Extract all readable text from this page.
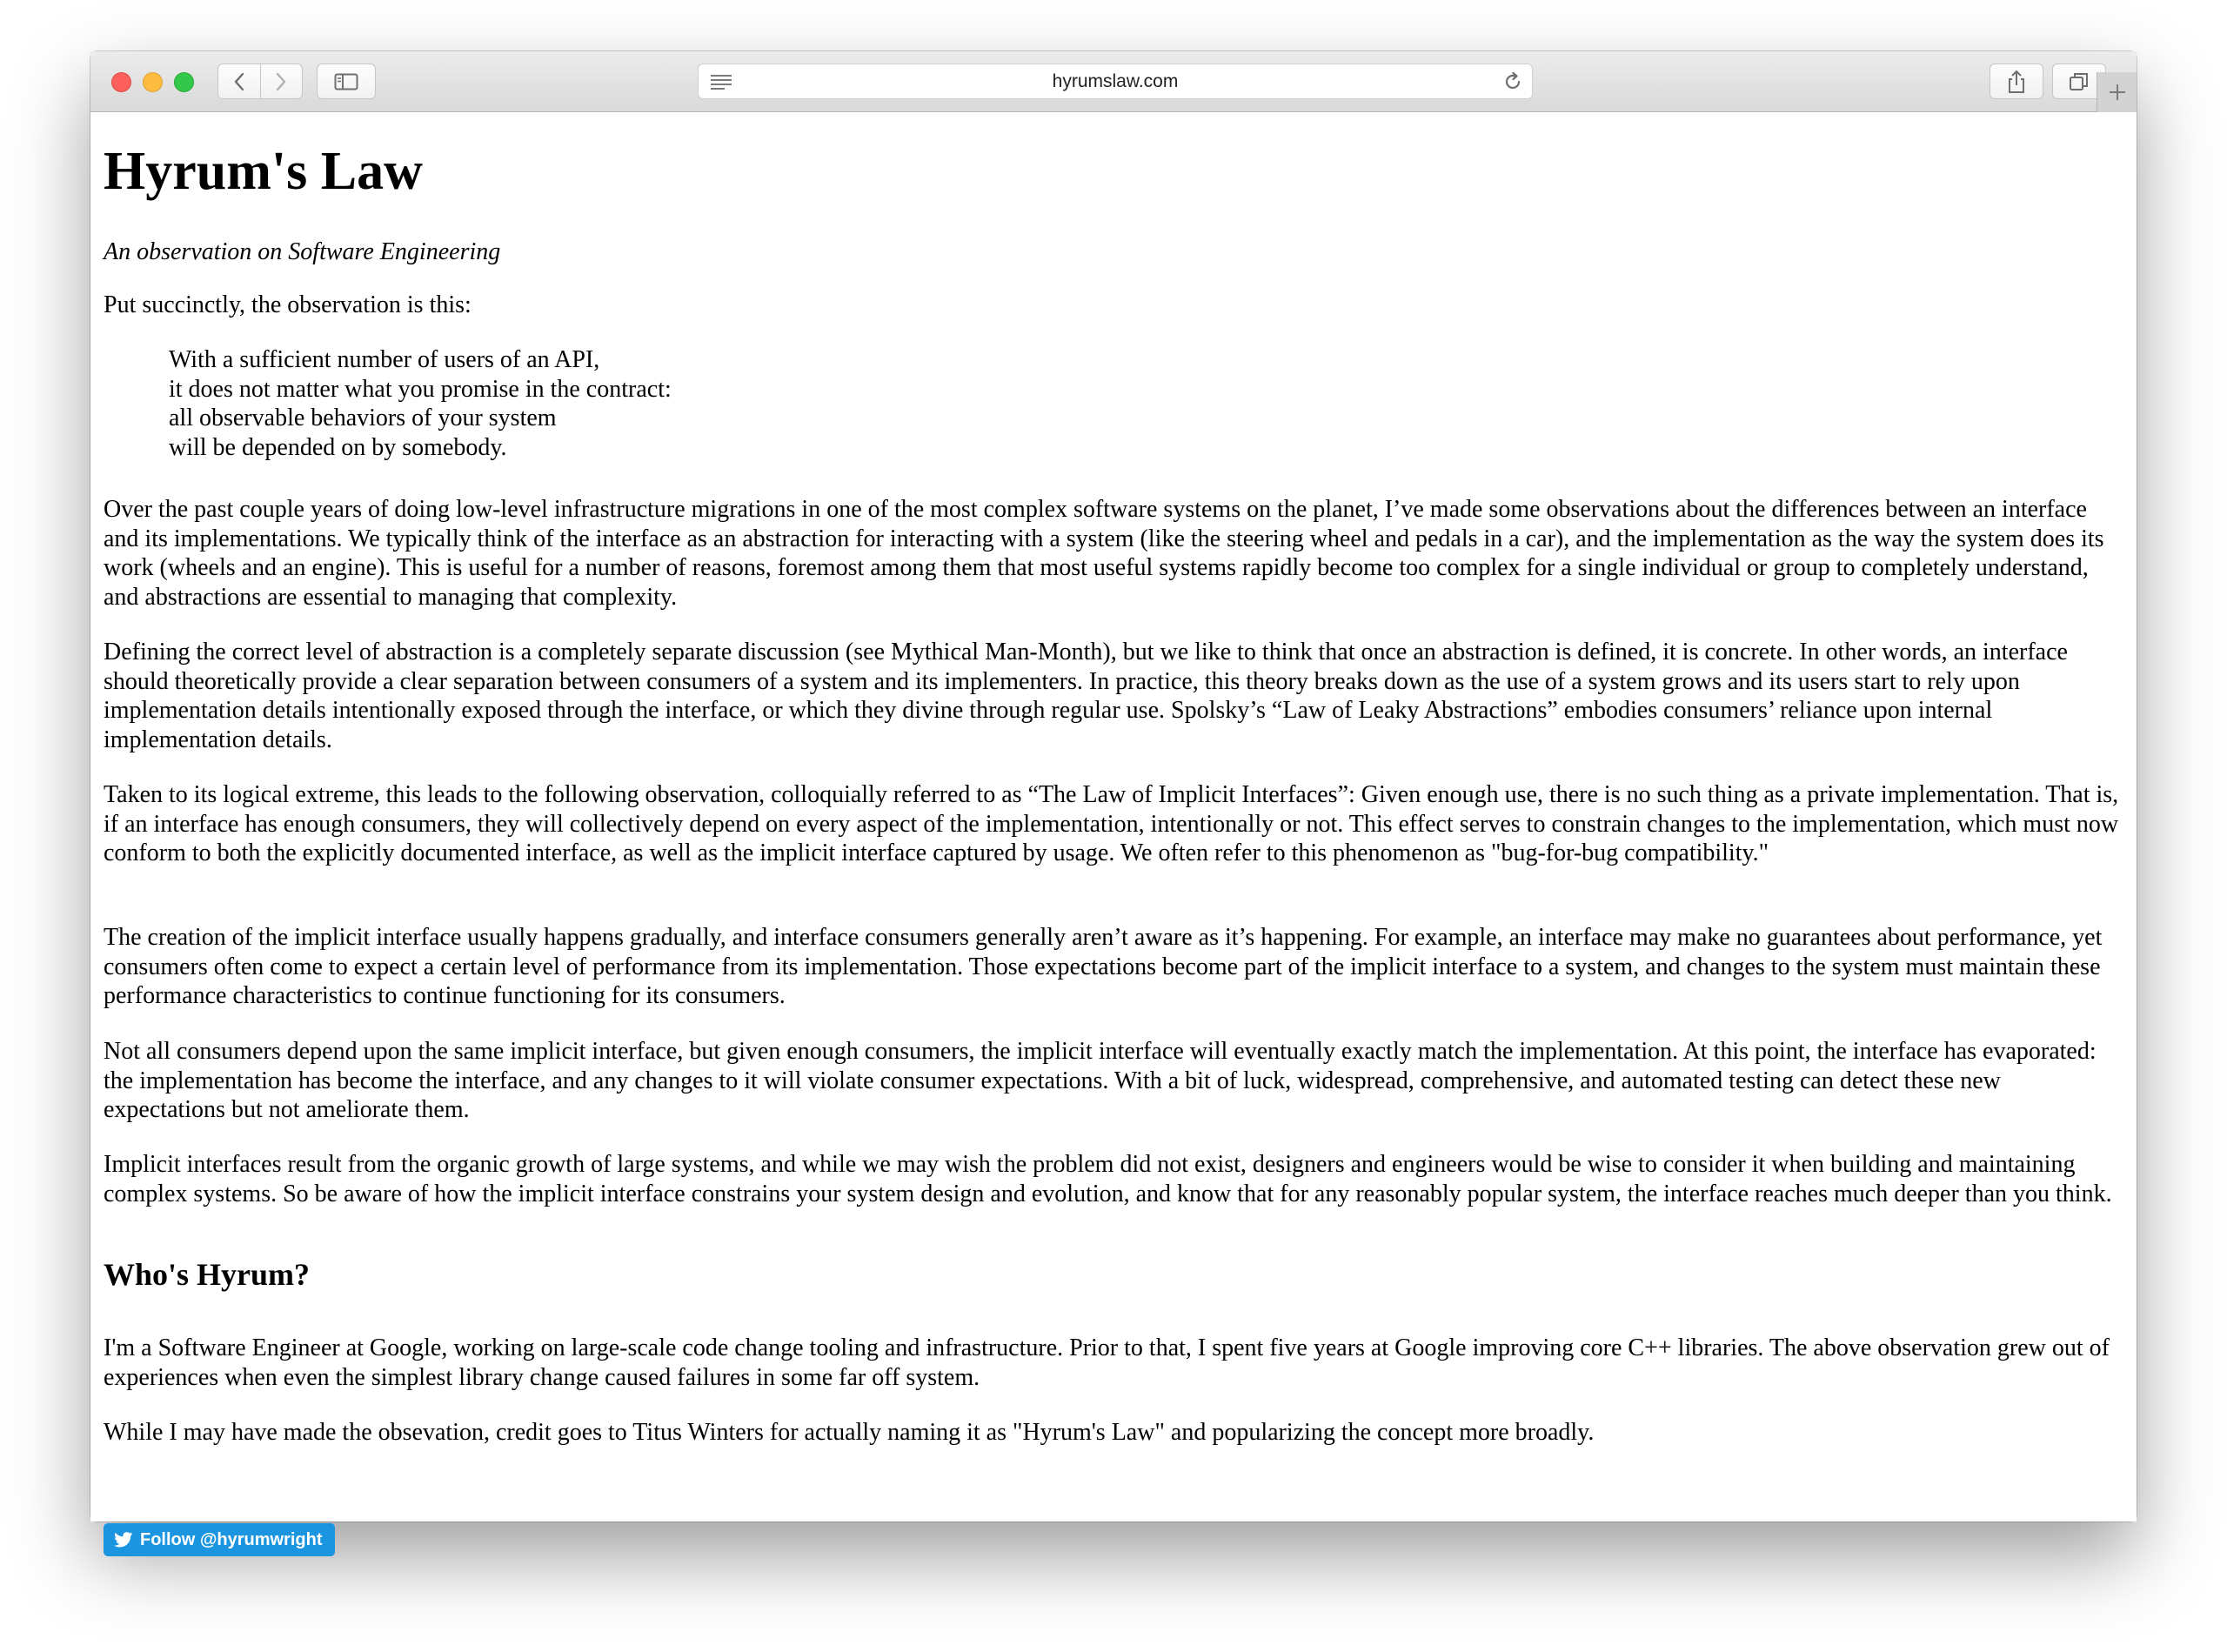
hyrumslaw.com
Hyrum's Law

An observation on Software Engineering

Put succinctly, the observation is this:

With a sufficient number of users of an API,
it does not matter what you promise in the contract:
all observable behaviors of your system
will be depended on by somebody.

Over the past couple years of doing low-level infrastructure migrations in one of the most complex software systems on the planet, I’ve made some observations about the differences between an interface and its implementations. We typically think of the interface as an abstraction for interacting with a system (like the steering wheel and pedals in a car), and the implementation as the way the system does its work (wheels and an engine). This is useful for a number of reasons, foremost among them that most useful systems rapidly become too complex for a single individual or group to completely understand, and abstractions are essential to managing that complexity.

Defining the correct level of abstraction is a completely separate discussion (see Mythical Man-Month), but we like to think that once an abstraction is defined, it is concrete. In other words, an interface should theoretically provide a clear separation between consumers of a system and its implementers. In practice, this theory breaks down as the use of a system grows and its users start to rely upon implementation details intentionally exposed through the interface, or which they divine through regular use. Spolsky’s “Law of Leaky Abstractions” embodies consumers’ reliance upon internal implementation details.

Taken to its logical extreme, this leads to the following observation, colloquially referred to as “The Law of Implicit Interfaces”: Given enough use, there is no such thing as a private implementation. That is, if an interface has enough consumers, they will collectively depend on every aspect of the implementation, intentionally or not. This effect serves to constrain changes to the implementation, which must now conform to both the explicitly documented interface, as well as the implicit interface captured by usage. We often refer to this phenomenon as "bug-for-bug compatibility."

The creation of the implicit interface usually happens gradually, and interface consumers generally aren’t aware as it’s happening. For example, an interface may make no guarantees about performance, yet consumers often come to expect a certain level of performance from its implementation. Those expectations become part of the implicit interface to a system, and changes to the system must maintain these performance characteristics to continue functioning for its consumers.

Not all consumers depend upon the same implicit interface, but given enough consumers, the implicit interface will eventually exactly match the implementation. At this point, the interface has evaporated: the implementation has become the interface, and any changes to it will violate consumer expectations. With a bit of luck, widespread, comprehensive, and automated testing can detect these new expectations but not ameliorate them.

Implicit interfaces result from the organic growth of large systems, and while we may wish the problem did not exist, designers and engineers would be wise to consider it when building and maintaining complex systems. So be aware of how the implicit interface constrains your system design and evolution, and know that for any reasonably popular system, the interface reaches much deeper than you think.

Who's Hyrum?

I'm a Software Engineer at Google, working on large-scale code change tooling and infrastructure. Prior to that, I spent five years at Google improving core C++ libraries. The above observation grew out of experiences when even the simplest library change caused failures in some far off system.

While I may have made the obsevation, credit goes to Titus Winters for actually naming it as "Hyrum's Law" and popularizing the concept more broadly.

Follow @hyrumwright
